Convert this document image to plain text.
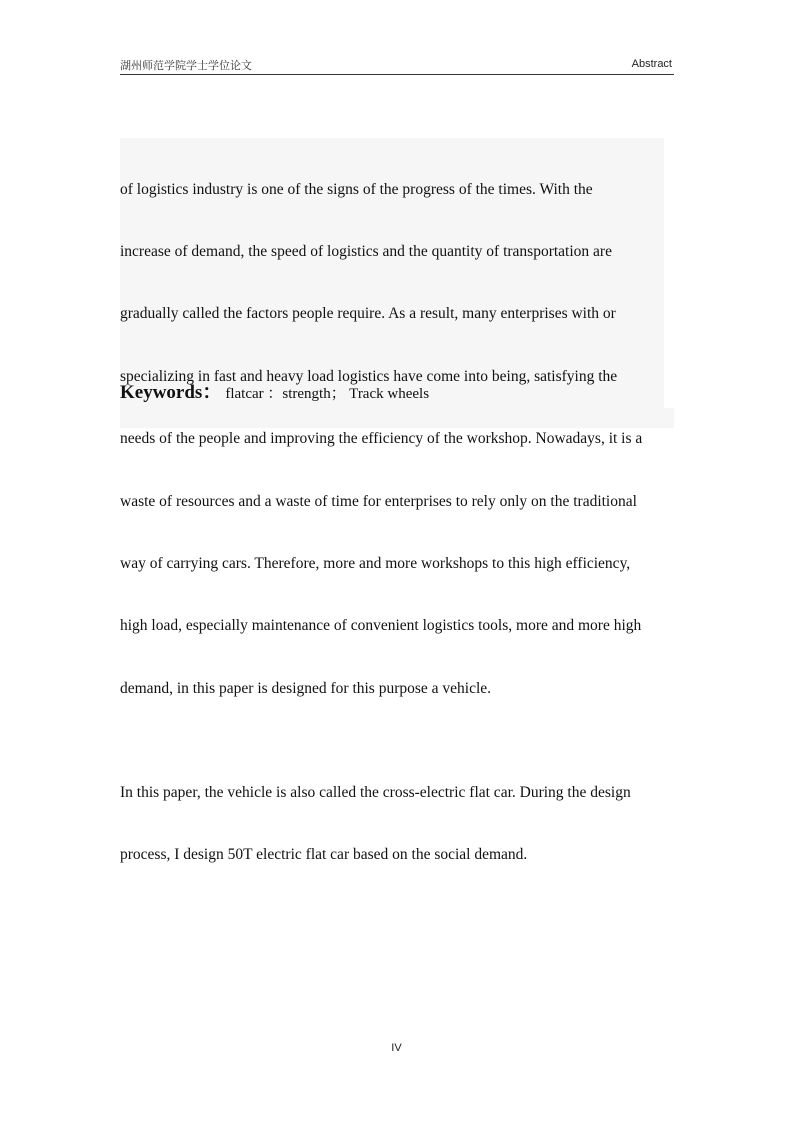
湖州师范学院学士学位论文	Abstract

of logistics industry is one of the signs of the progress of the times. With the

increase of demand, the speed of logistics and the quantity of transportation are

gradually called the factors people require. As a result, many enterprises with or

specializing in fast and heavy load logistics have come into being, satisfying the

needs of the people and improving the efficiency of the workshop. Nowadays, it is a

waste of resources and a waste of time for enterprises to rely only on the traditional

way of carrying cars. Therefore, more and more workshops to this high efficiency,

high load, especially maintenance of convenient logistics tools, more and more high

demand, in this paper is designed for this purpose a vehicle.

In this paper, the vehicle is also called the cross-electric flat car. During the design

process, I design 50T electric flat car based on the social demand.

Keywords： flatcar ：strength； Track wheels
IV
